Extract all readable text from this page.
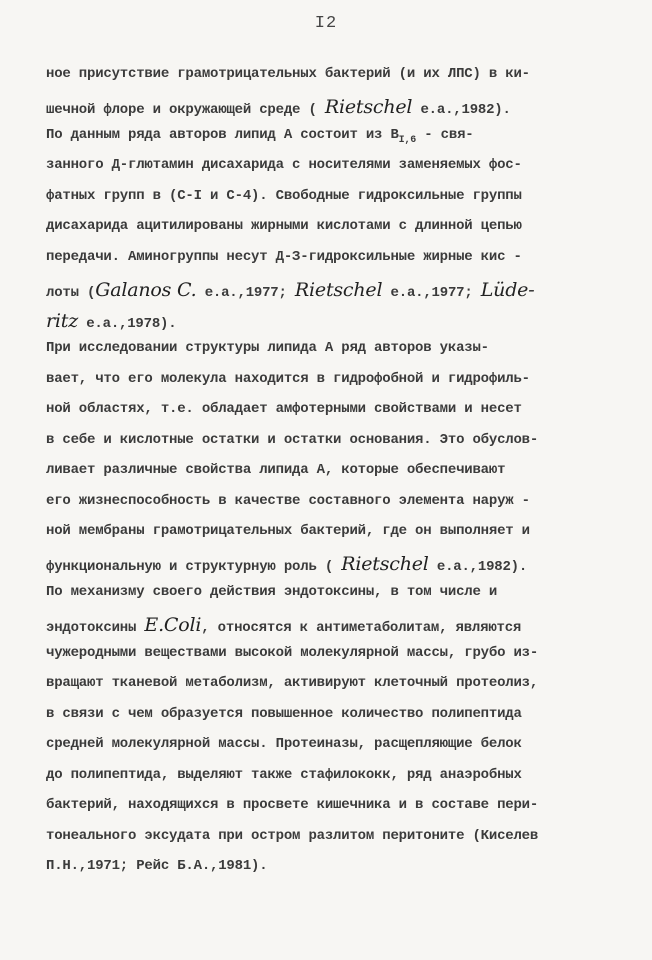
I2
ное присутствие грамотрицательных бактерий (и их ЛПС) в ки-
шечной флоре и окружающей среде ( Rietschel е.а.,1982).
По данным ряда авторов липид А состоит из $В_{I,6} - свя-$
занного Д-глютамин дисахарида с носителями заменяемых фос-
фатных групп в (С-I и С-4). Свободные гидроксильные группы
дисахарида ацитилированы жирными кислотами с длинной цепью
передачи. Аминогруппы несут Д-З-гидроксильные жирные кис -
лоты (Galanos C. е.а.,1977; Rietschel е.а.,1977; Lüde-
ritz е.а.,1978).
При исследовании структуры липида А ряд авторов указы-
вает, что его молекула находится в гидрофобной и гидрофиль-
ной областях, т.е. обладает амфотерными свойствами и несет
в себе и кислотные остатки и остатки основания. Это обуслов-
ливает различные свойства липида А, которые обеспечивают
его жизнеспособность в качестве составного элемента наруж -
ной мембраны грамотрицательных бактерий, где он выполняет и
функциональную и структурную роль ( Rietschel е.а.,1982).
По механизму своего действия эндотоксины, в том числе и
эндотоксины E.Coli, относятся к антиметаболитам, являются
чужеродными веществами высокой молекулярной массы, грубо из-
вращают тканевой метаболизм, активируют клеточный протеолиз,
в связи с чем образуется повышенное количество полипептида
средней молекулярной массы. Протеиназы, расщепляющие белок
до полипептида, выделяют также стафилококк, ряд анаэробных
бактерий, находящихся в просвете кишечника и в составе пери-
тонеального эксудата при остром разлитом перитоните (Киселев
П.Н.,1971; Рейс Б.А.,1981).
